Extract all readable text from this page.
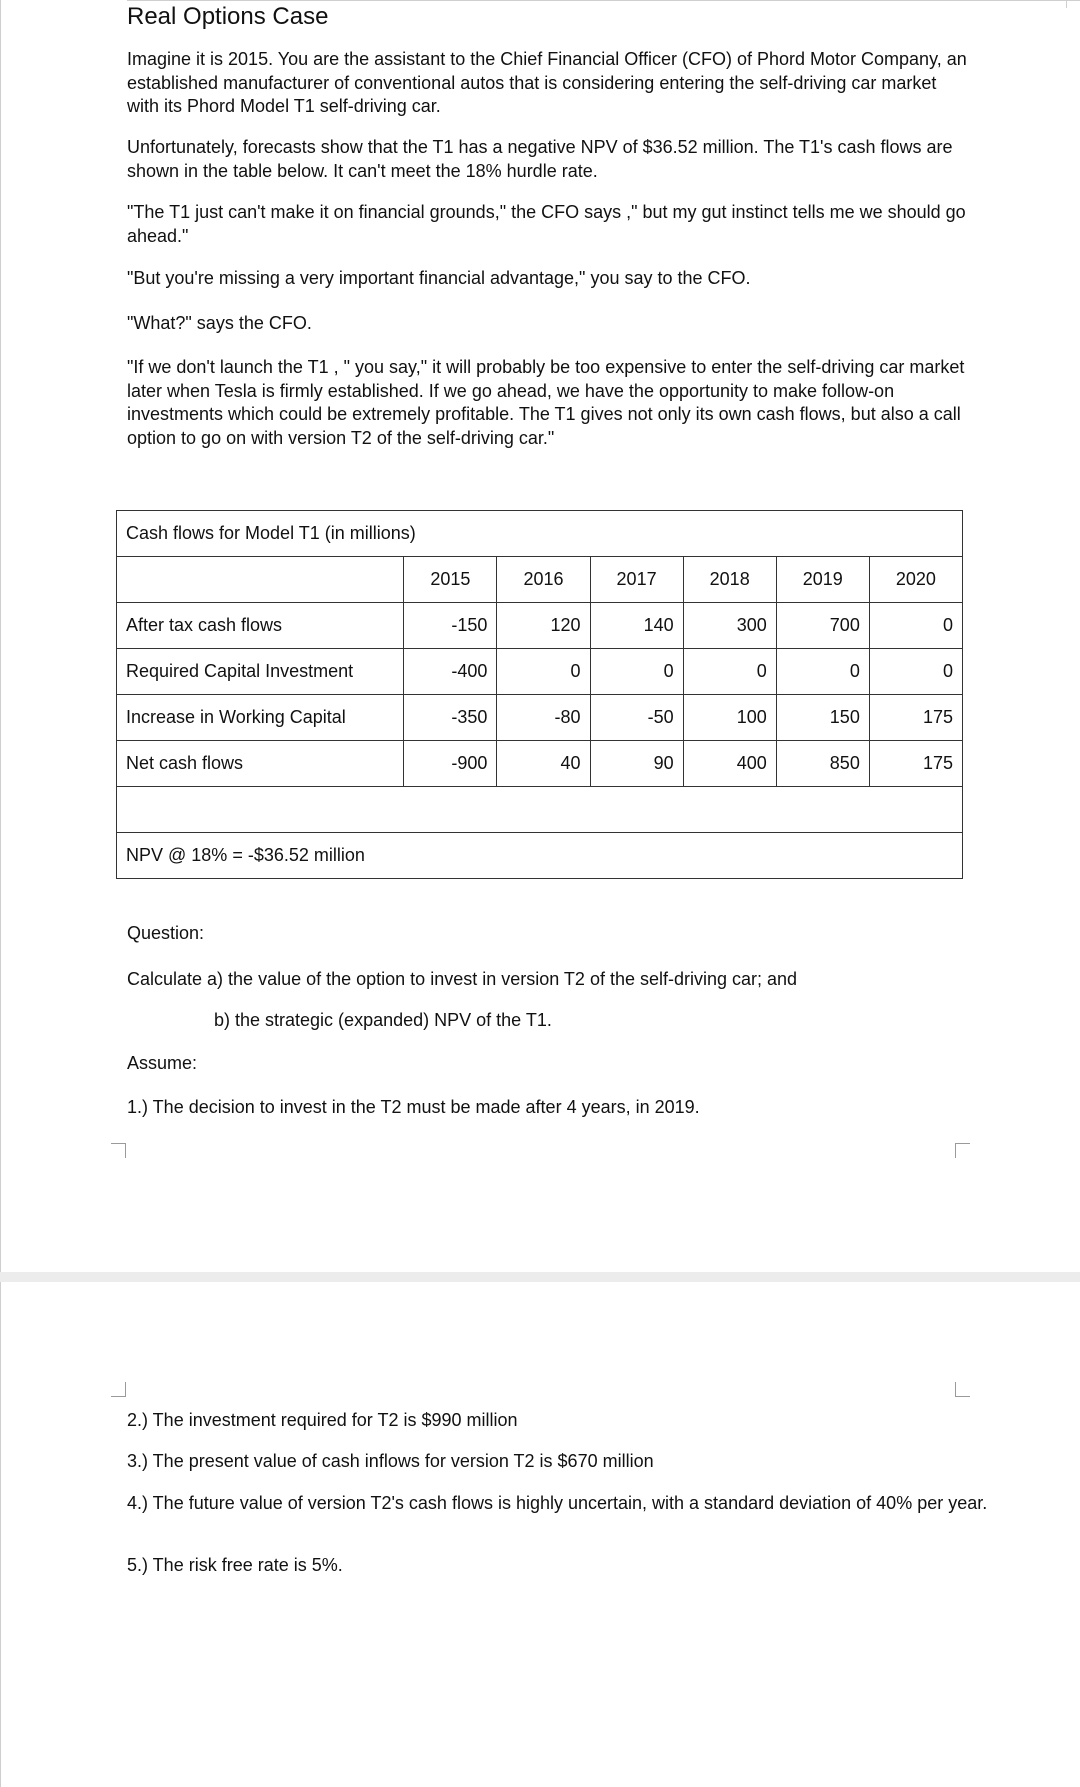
Real Options Case

Imagine it is 2015. You are the assistant to the Chief Financial Officer (CFO) of Phord Motor Company, an established manufacturer of conventional autos that is considering entering the self-driving car market with its Phord Model T1 self-driving car.

Unfortunately, forecasts show that the T1 has a negative NPV of $36.52 million. The T1's cash flows are shown in the table below. It can't meet the 18% hurdle rate.

"The T1 just can't make it on financial grounds," the CFO says ," but my gut instinct tells me we should go ahead."

"But you're missing a very important financial advantage," you say to the CFO.

"What?" says the CFO.

"If we don't launch the T1 , " you say," it will probably be too expensive to enter the self-driving car market later when Tesla is firmly established. If we go ahead, we have the opportunity to make follow-on investments which could be extremely profitable. The T1 gives not only its own cash flows, but also a call option to go on with version T2 of the self-driving car."

Cash flows for Model T1 (in millions)						
	2015	2016	2017	2018	2019	2020
After tax cash flows	-150	120	140	300	700	0
Required Capital Investment	-400	0	0	0	0	0
Increase in Working Capital	-350	-80	-50	100	150	175
Net cash flows	-900	40	90	400	850	175

NPV @ 18% = -$36.52 million						

Question:

Calculate a) the value of the option to invest in version T2 of the self-driving car; and

b) the strategic (expanded) NPV of the T1.

Assume:

1.) The decision to invest in the T2 must be made after 4 years, in 2019.

2.) The investment required for T2 is $990 million

3.) The present value of cash inflows for version T2 is $670 million

4.) The future value of version T2's cash flows is highly uncertain, with a standard deviation of 40% per year.

5.) The risk free rate is 5%.
